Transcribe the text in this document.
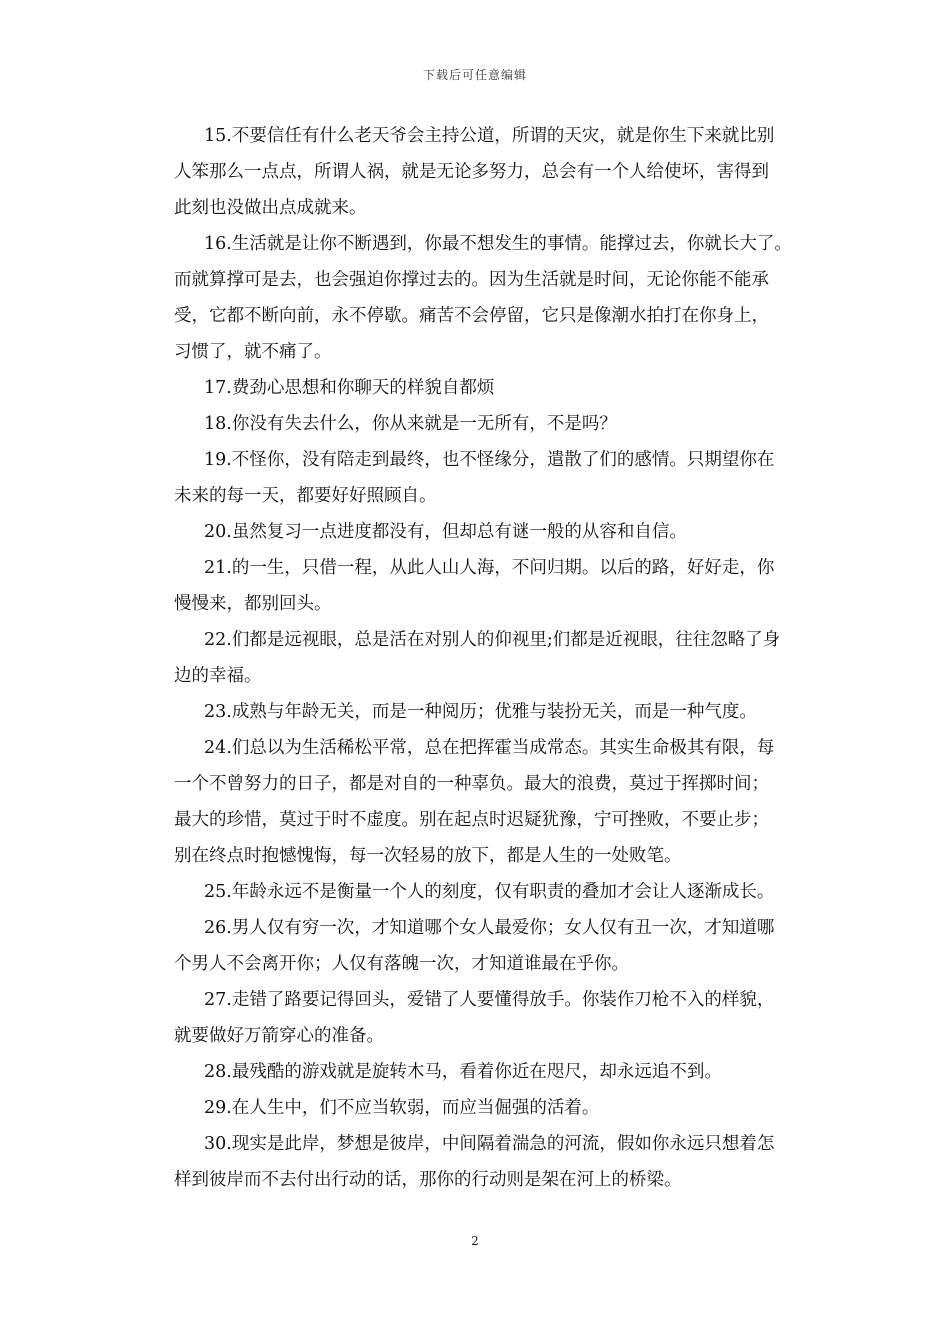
下载后可任意编辑
15.不要信任有什么老天爷会主持公道，所谓的天灾，就是你生下来就比别
人笨那么一点点，所谓人祸，就是无论多努力，总会有一个人给使坏，害得到
此刻也没做出点成就来。
16.生活就是让你不断遇到，你最不想发生的事情。能撑过去，你就长大了。
而就算撑可是去，也会强迫你撑过去的。因为生活就是时间，无论你能不能承
受，它都不断向前，永不停歇。痛苦不会停留，它只是像潮水拍打在你身上，
习惯了，就不痛了。
17.费劲心思想和你聊天的样貌自都烦
18.你没有失去什么，你从来就是一无所有，不是吗？
19.不怪你，没有陪走到最终，也不怪缘分，遣散了们的感情。只期望你在
未来的每一天，都要好好照顾自。
20.虽然复习一点进度都没有，但却总有谜一般的从容和自信。
21.的一生，只借一程，从此人山人海，不问归期。以后的路，好好走，你
慢慢来，都别回头。
22.们都是远视眼，总是活在对别人的仰视里;们都是近视眼，往往忽略了身
边的幸福。
23.成熟与年龄无关，而是一种阅历；优雅与装扮无关，而是一种气度。
24.们总以为生活稀松平常，总在把挥霍当成常态。其实生命极其有限，每
一个不曾努力的日子，都是对自的一种辜负。最大的浪费，莫过于挥掷时间；
最大的珍惜，莫过于时不虚度。别在起点时迟疑犹豫，宁可挫败，不要止步；
别在终点时抱憾愧悔，每一次轻易的放下，都是人生的一处败笔。
25.年龄永远不是衡量一个人的刻度，仅有职责的叠加才会让人逐渐成长。
26.男人仅有穷一次，才知道哪个女人最爱你；女人仅有丑一次，才知道哪
个男人不会离开你；人仅有落魄一次，才知道谁最在乎你。
27.走错了路要记得回头，爱错了人要懂得放手。你装作刀枪不入的样貌，
就要做好万箭穿心的准备。
28.最残酷的游戏就是旋转木马，看着你近在咫尺，却永远追不到。
29.在人生中，们不应当软弱，而应当倔强的活着。
30.现实是此岸，梦想是彼岸，中间隔着湍急的河流，假如你永远只想着怎
样到彼岸而不去付出行动的话，那你的行动则是架在河上的桥梁。
2
